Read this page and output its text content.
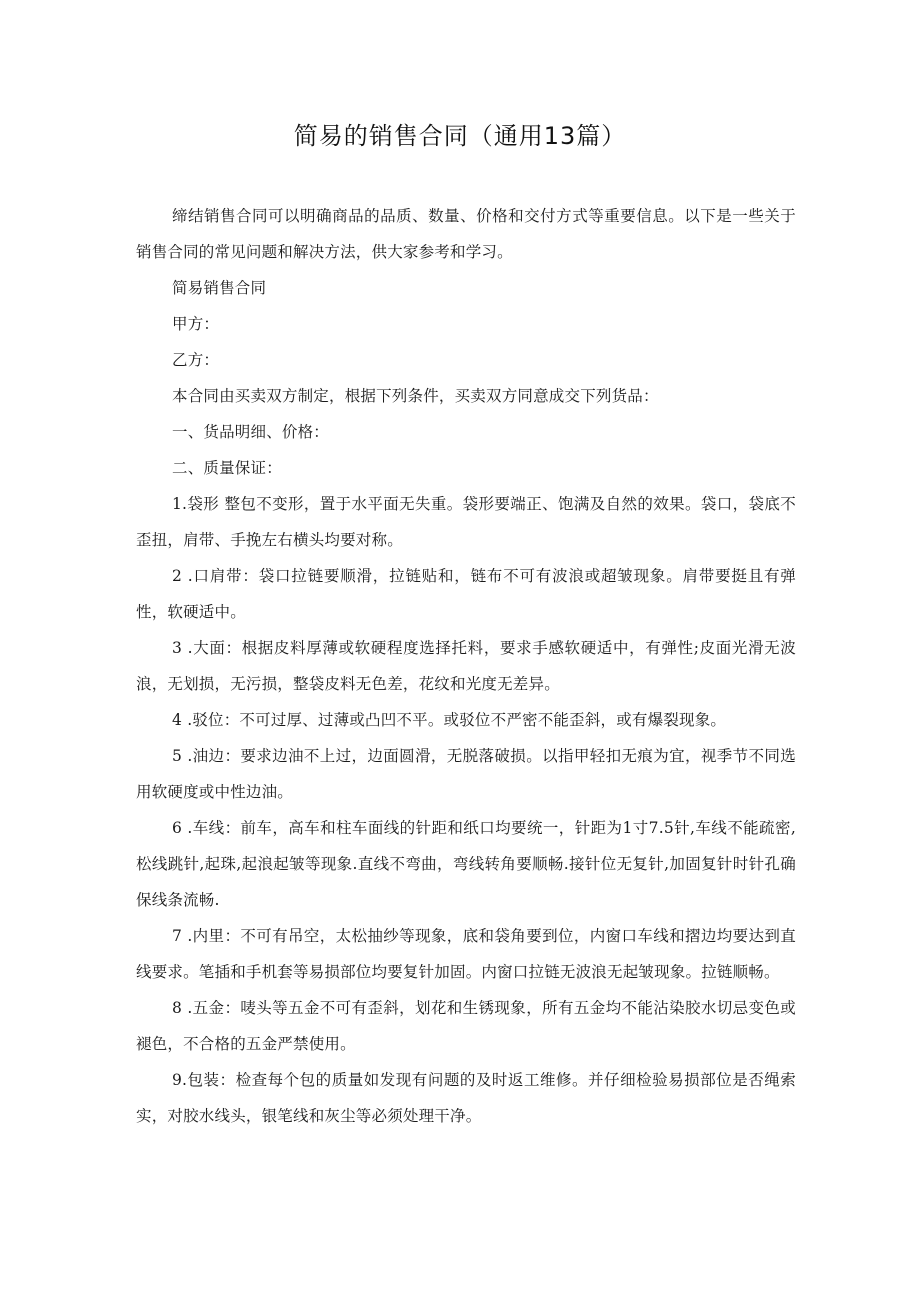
简易的销售合同（通用13篇）

缔结销售合同可以明确商品的品质、数量、价格和交付方式等重要信息。以下是一些关于销售合同的常见问题和解决方法，供大家参考和学习。

简易销售合同

甲方：

乙方：

本合同由买卖双方制定，根据下列条件，买卖双方同意成交下列货品：

一、货品明细、价格：

二、质量保证：

1.袋形 整包不变形，置于水平面无失重。袋形要端正、饱满及自然的效果。袋口，袋底不歪扭，肩带、手挽左右横头均要对称。

2 .口肩带：袋口拉链要顺滑，拉链贴和，链布不可有波浪或超皱现象。肩带要挺且有弹性，软硬适中。

3 .大面：根据皮料厚薄或软硬程度选择托料，要求手感软硬适中，有弹性;皮面光滑无波浪，无划损，无污损，整袋皮料无色差，花纹和光度无差异。

4 .驳位：不可过厚、过薄或凸凹不平。或驳位不严密不能歪斜，或有爆裂现象。

5 .油边：要求边油不上过，边面圆滑，无脱落破损。以指甲轻扣无痕为宜，视季节不同选用软硬度或中性边油。

6 .车线：前车，高车和柱车面线的针距和纸口均要统一，针距为1寸7.5针,车线不能疏密,松线跳针,起珠,起浪起皱等现象.直线不弯曲，弯线转角要顺畅.接针位无复针,加固复针时针孔确保线条流畅.

7 .内里：不可有吊空，太松抽纱等现象，底和袋角要到位，内窗口车线和摺边均要达到直线要求。笔插和手机套等易损部位均要复针加固。内窗口拉链无波浪无起皱现象。拉链顺畅。

8 .五金：唛头等五金不可有歪斜，划花和生锈现象，所有五金均不能沾染胶水切忌变色或褪色，不合格的五金严禁使用。

9.包装：检查每个包的质量如发现有问题的及时返工维修。并仔细检验易损部位是否绳索实，对胶水线头，银笔线和灰尘等必须处理干净。
